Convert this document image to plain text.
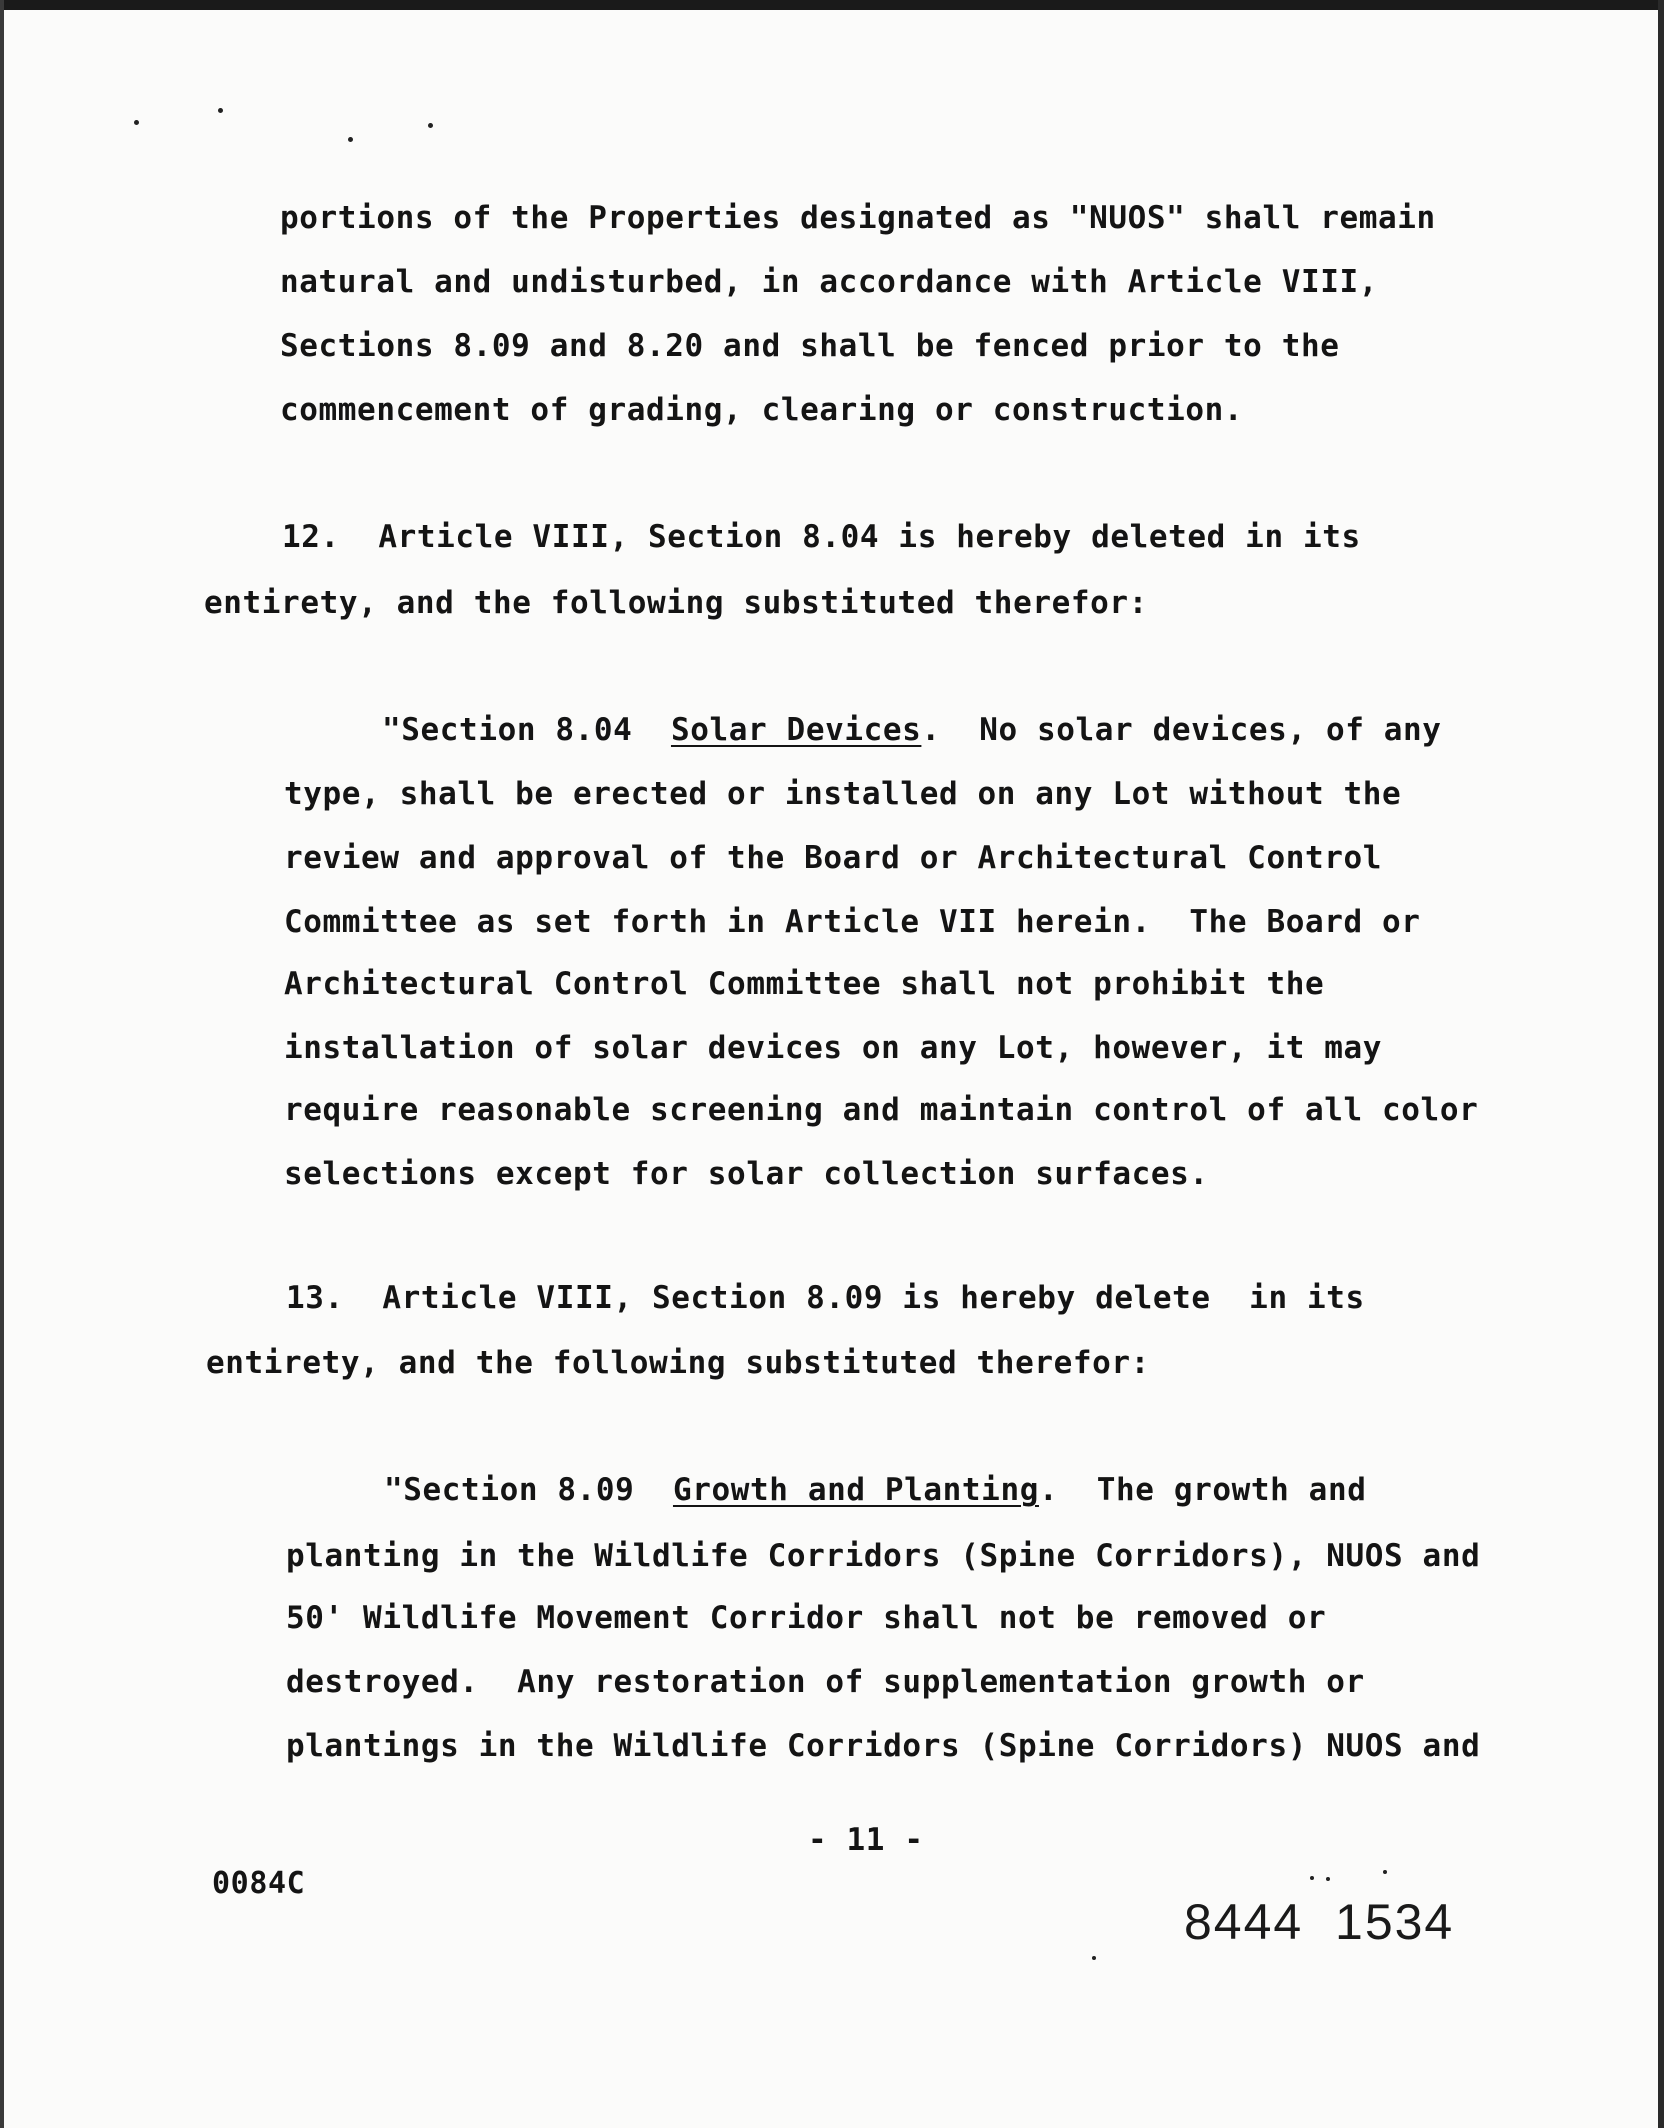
portions of the Properties designated as "NUOS" shall remain

natural and undisturbed, in accordance with Article VIII,

Sections 8.09 and 8.20 and shall be fenced prior to the

commencement of grading, clearing or construction.

12.  Article VIII, Section 8.04 is hereby deleted in its

entirety, and the following substituted therefor:

"Section 8.04  Solar Devices.  No solar devices, of any

type, shall be erected or installed on any Lot without the

review and approval of the Board or Architectural Control

Committee as set forth in Article VII herein.  The Board or

Architectural Control Committee shall not prohibit the

installation of solar devices on any Lot, however, it may

require reasonable screening and maintain control of all color

selections except for solar collection surfaces.

13.  Article VIII, Section 8.09 is hereby delete  in its

entirety, and the following substituted therefor:

"Section 8.09  Growth and Planting.  The growth and

planting in the Wildlife Corridors (Spine Corridors), NUOS and

50' Wildlife Movement Corridor shall not be removed or

destroyed.  Any restoration of supplementation growth or

plantings in the Wildlife Corridors (Spine Corridors) NUOS and

- 11 -
0084C
8444  1534
